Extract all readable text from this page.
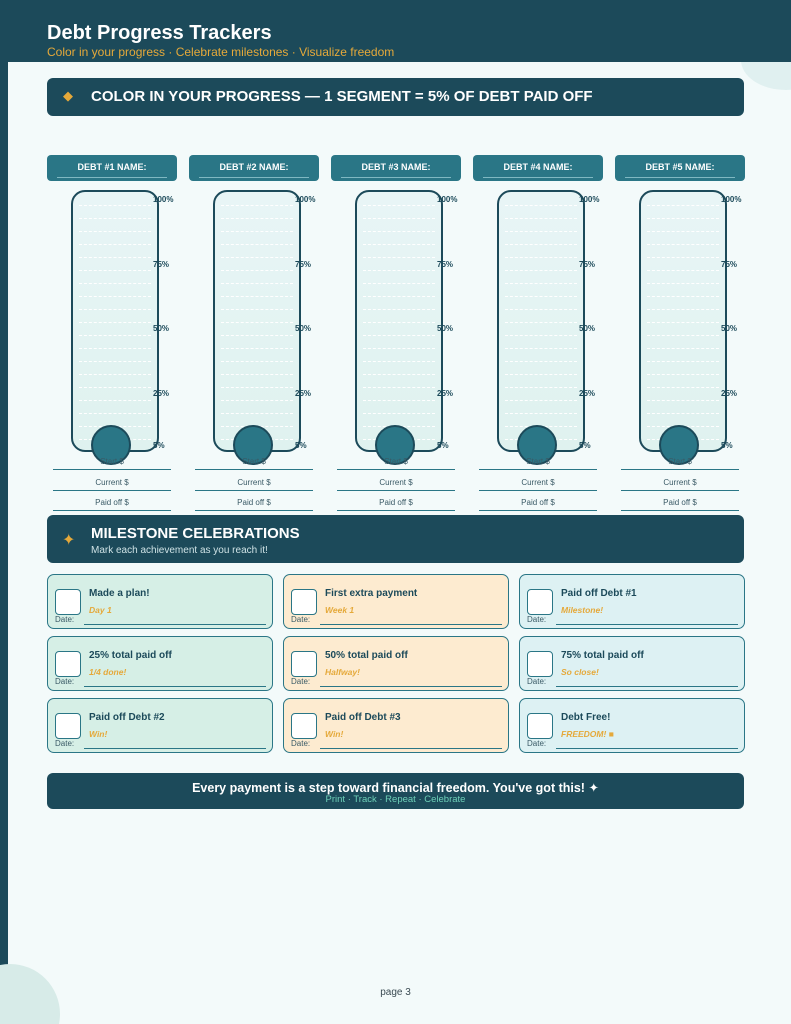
Debt Progress Trackers
Color in your progress · Celebrate milestones · Visualize freedom
◆ COLOR IN YOUR PROGRESS — 1 SEGMENT = 5% OF DEBT PAID OFF
DEBT #1 NAME:
100%
75%
50%
25%
5%
Start $
Current $
Paid off $
DEBT #2 NAME:
100%
75%
50%
25%
5%
Start $
Current $
Paid off $
DEBT #3 NAME:
100%
75%
50%
25%
5%
Start $
Current $
Paid off $
DEBT #4 NAME:
100%
75%
50%
25%
5%
Start $
Current $
Paid off $
DEBT #5 NAME:
100%
75%
50%
25%
5%
Start $
Current $
Paid off $
✦ MILESTONE CELEBRATIONS
Mark each achievement as you reach it!
Made a plan!
Day 1
Date:
First extra payment
Week 1
Date:
Paid off Debt #1
Milestone!
Date:
25% total paid off
1/4 done!
Date:
50% total paid off
Halfway!
Date:
75% total paid off
So close!
Date:
Paid off Debt #2
Win!
Date:
Paid off Debt #3
Win!
Date:
Debt Free!
FREEDOM! ■
Date:
Every payment is a step toward financial freedom. You've got this! ✦
Print · Track · Repeat · Celebrate
page 3
